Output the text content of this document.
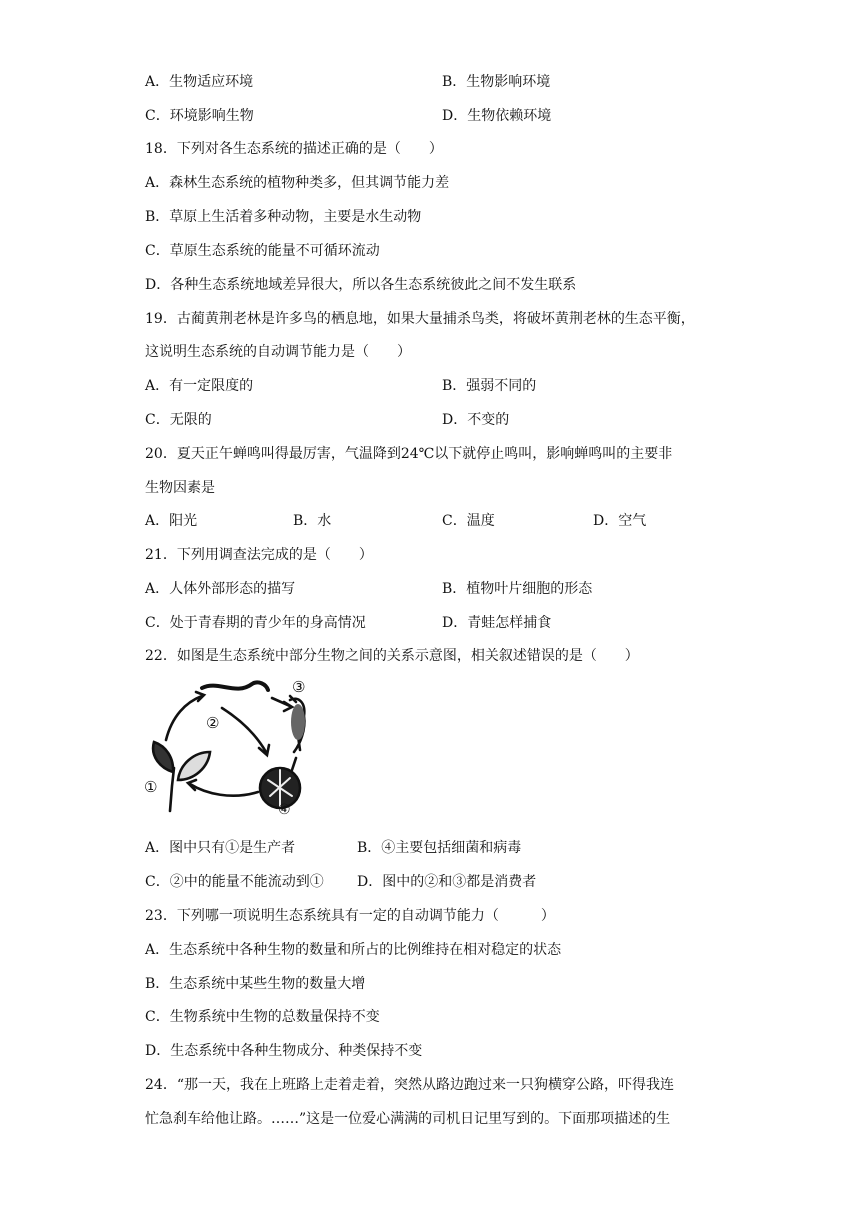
A．生物适应环境	B．生物影响环境
C．环境影响生物	D．生物依赖环境
18．下列对各生态系统的描述正确的是（　　）
A．森林生态系统的植物种类多，但其调节能力差
B．草原上生活着多种动物，主要是水生动物
C．草原生态系统的能量不可循环流动
D．各种生态系统地域差异很大，所以各生态系统彼此之间不发生联系
19．古蔺黄荆老林是许多鸟的栖息地，如果大量捕杀鸟类，将破坏黄荆老林的生态平衡，
这说明生态系统的自动调节能力是（　　）
A．有一定限度的	B．强弱不同的
C．无限的	D．不变的
20．夏天正午蝉鸣叫得最厉害，气温降到24℃以下就停止鸣叫，影响蝉鸣叫的主要非
生物因素是
A．阳光	B．水	C．温度	D．空气
21．下列用调查法完成的是（　　）
A．人体外部形态的描写	B．植物叶片细胞的形态
C．处于青春期的青少年的身高情况	D．青蛙怎样捕食
22．如图是生态系统中部分生物之间的关系示意图，相关叙述错误的是（　　）
①
②
③
④
A．图中只有①是生产者	B．④主要包括细菌和病毒
C．②中的能量不能流动到① D．图中的②和③都是消费者
23．下列哪一项说明生态系统具有一定的自动调节能力（　　　）
A．生态系统中各种生物的数量和所占的比例维持在相对稳定的状态
B．生态系统中某些生物的数量大增
C．生物系统中生物的总数量保持不变
D．生态系统中各种生物成分、种类保持不变
24．“那一天，我在上班路上走着走着，突然从路边跑过来一只狗横穿公路，吓得我连
忙急刹车给他让路。……”这是一位爱心满满的司机日记里写到的。下面那项描述的生
